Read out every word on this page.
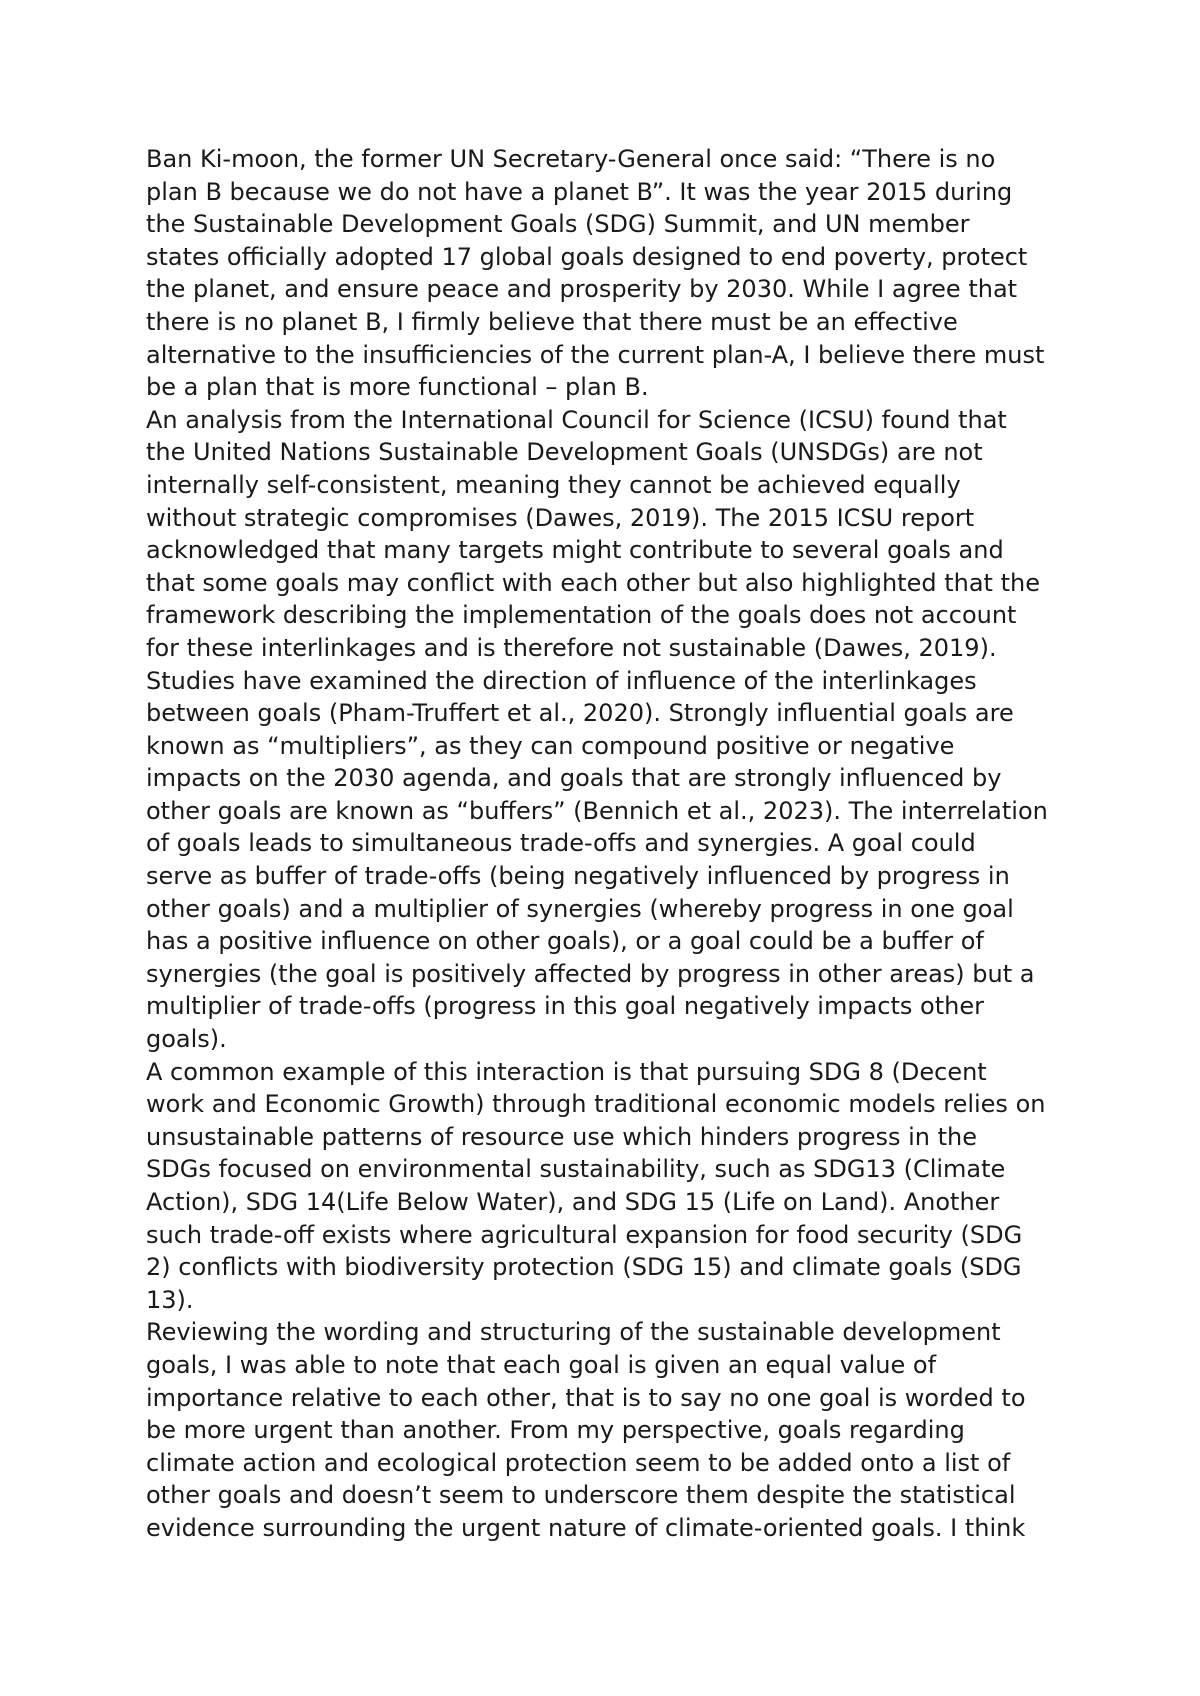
Ban Ki-moon, the former UN Secretary-General once said: “There is no
plan B because we do not have a planet B”. It was the year 2015 during
the Sustainable Development Goals (SDG) Summit, and UN member
states officially adopted 17 global goals designed to end poverty, protect
the planet, and ensure peace and prosperity by 2030. While I agree that
there is no planet B, I firmly believe that there must be an effective
alternative to the insufficiencies of the current plan-A, I believe there must
be a plan that is more functional – plan B.
An analysis from the International Council for Science (ICSU) found that
the United Nations Sustainable Development Goals (UNSDGs) are not
internally self-consistent, meaning they cannot be achieved equally
without strategic compromises (Dawes, 2019). The 2015 ICSU report
acknowledged that many targets might contribute to several goals and
that some goals may conflict with each other but also highlighted that the
framework describing the implementation of the goals does not account
for these interlinkages and is therefore not sustainable (Dawes, 2019).
Studies have examined the direction of influence of the interlinkages
between goals (Pham-Truffert et al., 2020). Strongly influential goals are
known as “multipliers”, as they can compound positive or negative
impacts on the 2030 agenda, and goals that are strongly influenced by
other goals are known as “buffers” (Bennich et al., 2023). The interrelation
of goals leads to simultaneous trade-offs and synergies. A goal could
serve as buffer of trade-offs (being negatively influenced by progress in
other goals) and a multiplier of synergies (whereby progress in one goal
has a positive influence on other goals), or a goal could be a buffer of
synergies (the goal is positively affected by progress in other areas) but a
multiplier of trade-offs (progress in this goal negatively impacts other
goals).
A common example of this interaction is that pursuing SDG 8 (Decent
work and Economic Growth) through traditional economic models relies on
unsustainable patterns of resource use which hinders progress in the
SDGs focused on environmental sustainability, such as SDG13 (Climate
Action), SDG 14(Life Below Water), and SDG 15 (Life on Land). Another
such trade-off exists where agricultural expansion for food security (SDG
2) conflicts with biodiversity protection (SDG 15) and climate goals (SDG
13).
Reviewing the wording and structuring of the sustainable development
goals, I was able to note that each goal is given an equal value of
importance relative to each other, that is to say no one goal is worded to
be more urgent than another. From my perspective, goals regarding
climate action and ecological protection seem to be added onto a list of
other goals and doesn’t seem to underscore them despite the statistical
evidence surrounding the urgent nature of climate-oriented goals. I think
